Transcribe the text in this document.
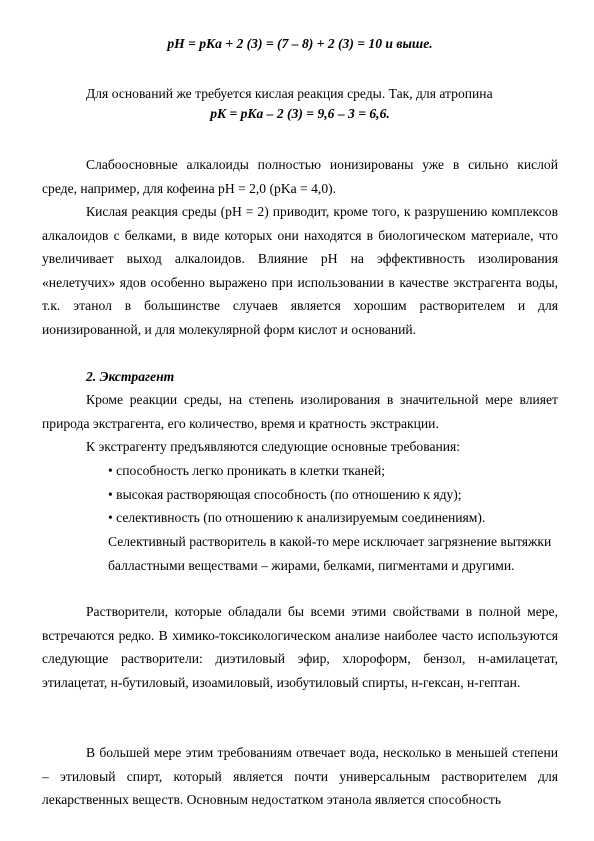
pH = pKa + 2 (3) = (7 – 8) + 2 (3) = 10 и выше.

Для оснований же требуется кислая реакция среды. Так, для атропина

pK = pKa – 2 (3) = 9,6 – 3 = 6,6.

Слабоосновные алкалоиды полностью ионизированы уже в сильно кислой среде, например, для кофеина pH = 2,0 (pKa = 4,0).

Кислая реакция среды (pH = 2) приводит, кроме того, к разрушению комплексов алкалоидов с белками, в виде которых они находятся в биологическом материале, что увеличивает выход алкалоидов. Влияние pH на эффективность изолирования «нелетучих» ядов особенно выражено при использовании в качестве экстрагента воды, т.к. этанол в большинстве случаев является хорошим растворителем и для ионизированной, и для молекулярной форм кислот и оснований.

2. Экстрагент

Кроме реакции среды, на степень изолирования в значительной мере влияет природа экстрагента, его количество, время и кратность экстракции.

К экстрагенту предъявляются следующие основные требования:

• способность легко проникать в клетки тканей;

• высокая растворяющая способность (по отношению к яду);

• селективность (по отношению к анализируемым соединениям).

Селективный растворитель в какой-то мере исключает загрязнение вытяжки балластными веществами – жирами, белками, пигментами и другими.

Растворители, которые обладали бы всеми этими свойствами в полной мере, встречаются редко. В химико-токсикологическом анализе наиболее часто используются следующие растворители: диэтиловый эфир, хлороформ, бензол, н-амилацетат, этилацетат, н-бутиловый, изоамиловый, изобутиловый спирты, н-гексан, н-гептан.

В большей мере этим требованиям отвечает вода, несколько в меньшей степени – этиловый спирт, который является почти универсальным растворителем для лекарственных веществ. Основным недостатком этанола является способность
